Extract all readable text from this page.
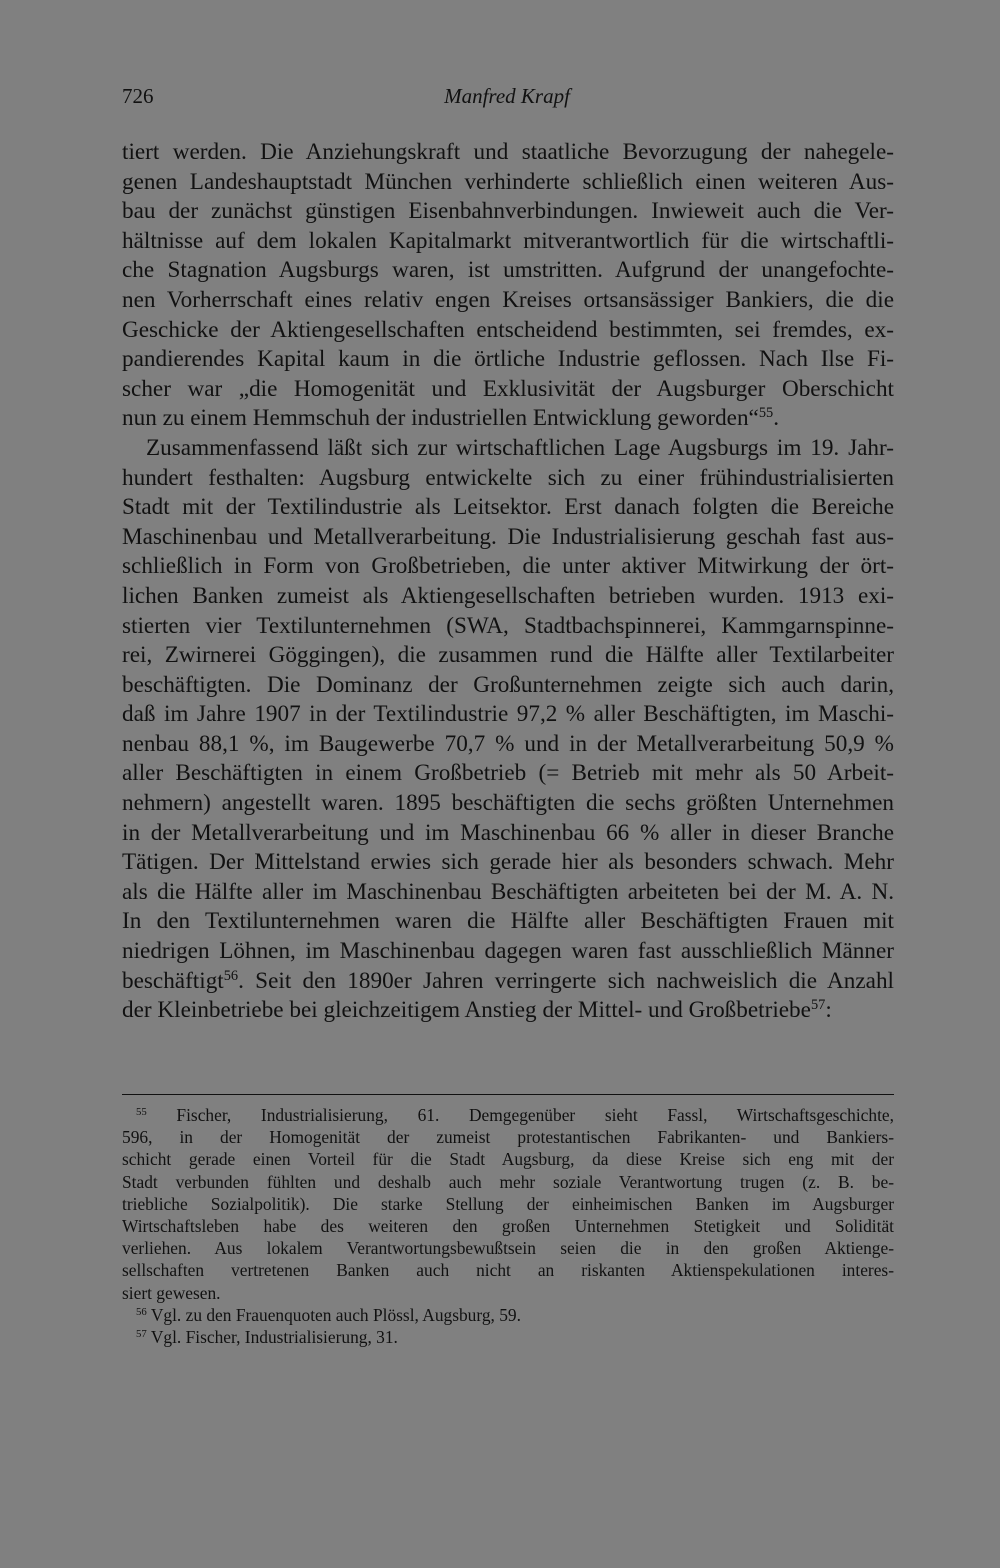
726	Manfred Krapf
tiert werden. Die Anziehungskraft und staatliche Bevorzugung der nahegele-
genen Landeshauptstadt München verhinderte schließlich einen weiteren Aus-
bau der zunächst günstigen Eisenbahnverbindungen. Inwieweit auch die Ver-
hältnisse auf dem lokalen Kapitalmarkt mitverantwortlich für die wirtschaftli-
che Stagnation Augsburgs waren, ist umstritten. Aufgrund der unangefochte-
nen Vorherrschaft eines relativ engen Kreises ortsansässiger Bankiers, die die
Geschicke der Aktiengesellschaften entscheidend bestimmten, sei fremdes, ex-
pandierendes Kapital kaum in die örtliche Industrie geflossen. Nach Ilse Fi-
scher war „die Homogenität und Exklusivität der Augsburger Oberschicht
nun zu einem Hemmschuh der industriellen Entwicklung geworden“$^{55}$.
Zusammenfassend läßt sich zur wirtschaftlichen Lage Augsburgs im 19. Jahr-
hundert festhalten: Augsburg entwickelte sich zu einer frühindustrialisierten
Stadt mit der Textilindustrie als Leitsektor. Erst danach folgten die Bereiche
Maschinenbau und Metallverarbeitung. Die Industrialisierung geschah fast aus-
schließlich in Form von Großbetrieben, die unter aktiver Mitwirkung der ört-
lichen Banken zumeist als Aktiengesellschaften betrieben wurden. 1913 exi-
stierten vier Textilunternehmen (SWA, Stadtbachspinnerei, Kammgarnspinne-
rei, Zwirnerei Göggingen), die zusammen rund die Hälfte aller Textilarbeiter
beschäftigten. Die Dominanz der Großunternehmen zeigte sich auch darin,
daß im Jahre 1907 in der Textilindustrie 97,2 % aller Beschäftigten, im Maschi-
nenbau 88,1 %, im Baugewerbe 70,7 % und in der Metallverarbeitung 50,9 %
aller Beschäftigten in einem Großbetrieb (= Betrieb mit mehr als 50 Arbeit-
nehmern) angestellt waren. 1895 beschäftigten die sechs größten Unternehmen
in der Metallverarbeitung und im Maschinenbau 66 % aller in dieser Branche
Tätigen. Der Mittelstand erwies sich gerade hier als besonders schwach. Mehr
als die Hälfte aller im Maschinenbau Beschäftigten arbeiteten bei der M. A. N.
In den Textilunternehmen waren die Hälfte aller Beschäftigten Frauen mit
niedrigen Löhnen, im Maschinenbau dagegen waren fast ausschließlich Männer
beschäftigt$^{56}$. Seit den 1890er Jahren verringerte sich nachweislich die Anzahl
der Kleinbetriebe bei gleichzeitigem Anstieg der Mittel- und Großbetriebe$^{57}$:
$^{55}$ Fischer, Industrialisierung, 61. Demgegenüber sieht Fassl, Wirtschaftsgeschichte,
596, in der Homogenität der zumeist protestantischen Fabrikanten- und Bankiers-
schicht gerade einen Vorteil für die Stadt Augsburg, da diese Kreise sich eng mit der
Stadt verbunden fühlten und deshalb auch mehr soziale Verantwortung trugen (z. B. be-
triebliche Sozialpolitik). Die starke Stellung der einheimischen Banken im Augsburger
Wirtschaftsleben habe des weiteren den großen Unternehmen Stetigkeit und Solidität
verliehen. Aus lokalem Verantwortungsbewußtsein seien die in den großen Aktienge-
sellschaften vertretenen Banken auch nicht an riskanten Aktienspekulationen interes-
siert gewesen.
$^{56}$ Vgl. zu den Frauenquoten auch Plössl, Augsburg, 59.
$^{57}$ Vgl. Fischer, Industrialisierung, 31.
